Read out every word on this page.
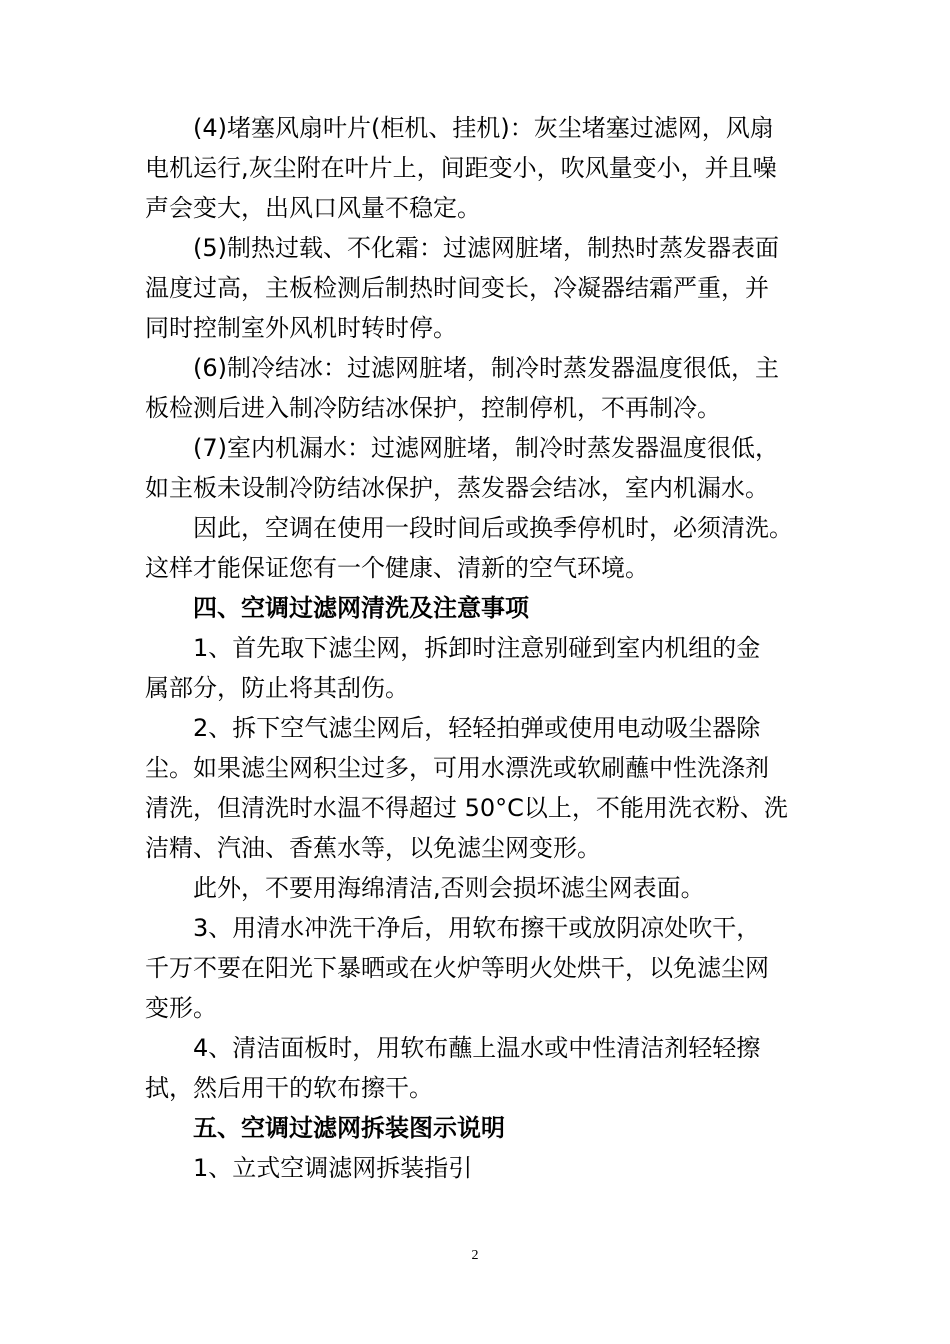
(4)堵塞风扇叶片(柜机、挂机)：灰尘堵塞过滤网，风扇
电机运行,灰尘附在叶片上，间距变小，吹风量变小，并且噪
声会变大，出风口风量不稳定。
(5)制热过载、不化霜：过滤网脏堵，制热时蒸发器表面
温度过高，主板检测后制热时间变长，冷凝器结霜严重，并
同时控制室外风机时转时停。
(6)制冷结冰：过滤网脏堵，制冷时蒸发器温度很低，主
板检测后进入制冷防结冰保护，控制停机，不再制冷。
(7)室内机漏水：过滤网脏堵，制冷时蒸发器温度很低，
如主板未设制冷防结冰保护，蒸发器会结冰，室内机漏水。
因此，空调在使用一段时间后或换季停机时，必须清洗。
这样才能保证您有一个健康、清新的空气环境。
四、空调过滤网清洗及注意事项
1、首先取下滤尘网，拆卸时注意别碰到室内机组的金
属部分，防止将其刮伤。
2、拆下空气滤尘网后，轻轻拍弹或使用电动吸尘器除
尘。如果滤尘网积尘过多，可用水漂洗或软刷蘸中性洗涤剂
清洗，但清洗时水温不得超过 50°C以上，不能用洗衣粉、洗
洁精、汽油、香蕉水等，以免滤尘网变形。
此外，不要用海绵清洁,否则会损坏滤尘网表面。
3、用清水冲洗干净后，用软布擦干或放阴凉处吹干，
千万不要在阳光下暴晒或在火炉等明火处烘干，以免滤尘网
变形。
4、清洁面板时，用软布蘸上温水或中性清洁剂轻轻擦
拭，然后用干的软布擦干。
五、空调过滤网拆装图示说明
1、立式空调滤网拆装指引
2
